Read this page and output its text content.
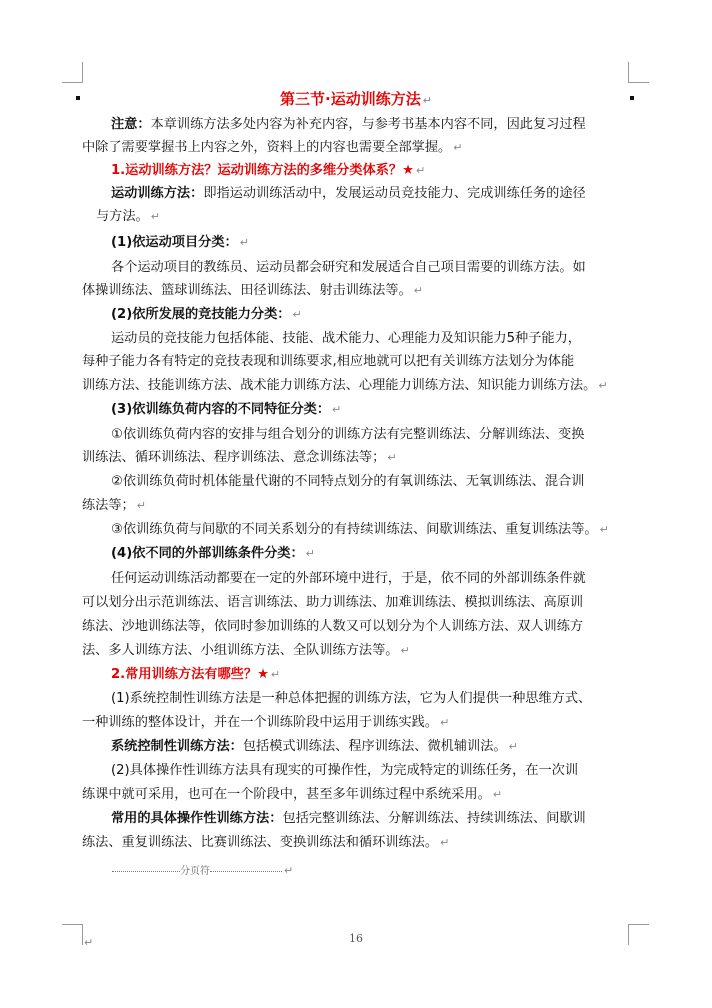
第三节·运动训练方法 ↵
注意：本章训练方法多处内容为补充内容，与参考书基本内容不同，因此复习过程
中除了需要掌握书上内容之外，资料上的内容也需要全部掌握。 ↵
1.运动训练方法？运动训练方法的多维分类体系？★ ↵
运动训练方法：即指运动训练活动中，发展运动员竞技能力、完成训练任务的途径
与方法。 ↵
(1)依运动项目分类： ↵
各个运动项目的教练员、运动员都会研究和发展适合自己项目需要的训练方法。如
体操训练法、篮球训练法、田径训练法、射击训练法等。 ↵
(2)依所发展的竞技能力分类： ↵
运动员的竞技能力包括体能、技能、战术能力、心理能力及知识能力5种子能力，
每种子能力各有特定的竞技表现和训练要求,相应地就可以把有关训练方法划分为体能
训练方法、技能训练方法、战术能力训练方法、心理能力训练方法、知识能力训练方法。 ↵
(3)依训练负荷内容的不同特征分类： ↵
①依训练负荷内容的安排与组合划分的训练方法有完整训练法、分解训练法、变换
训练法、循环训练法、程序训练法、意念训练法等； ↵
②依训练负荷时机体能量代谢的不同特点划分的有氧训练法、无氧训练法、混合训
练法等； ↵
③依训练负荷与间歇的不同关系划分的有持续训练法、间歇训练法、重复训练法等。 ↵
(4)依不同的外部训练条件分类： ↵
任何运动训练活动都要在一定的外部环境中进行，于是，依不同的外部训练条件就
可以划分出示范训练法、语言训练法、助力训练法、加难训练法、模拟训练法、高原训
练法、沙地训练法等，依同时参加训练的人数又可以划分为个人训练方法、双人训练方
法、多人训练方法、小组训练方法、全队训练方法等。 ↵
2.常用训练方法有哪些？★ ↵
(1)系统控制性训练方法是一种总体把握的训练方法，它为人们提供一种思维方式、
一种训练的整体设计，并在一个训练阶段中运用于训练实践。 ↵
系统控制性训练方法：包括模式训练法、程序训练法、微机辅训法。 ↵
(2)具体操作性训练方法具有现实的可操作性，为完成特定的训练任务，在一次训
练课中就可采用，也可在一个阶段中，甚至多年训练过程中系统采用。 ↵
常用的具体操作性训练方法：包括完整训练法、分解训练法、持续训练法、间歇训
练法、重复训练法、比赛训练法、变换训练法和循环训练法。 ↵
分页符	↵
↵	16
